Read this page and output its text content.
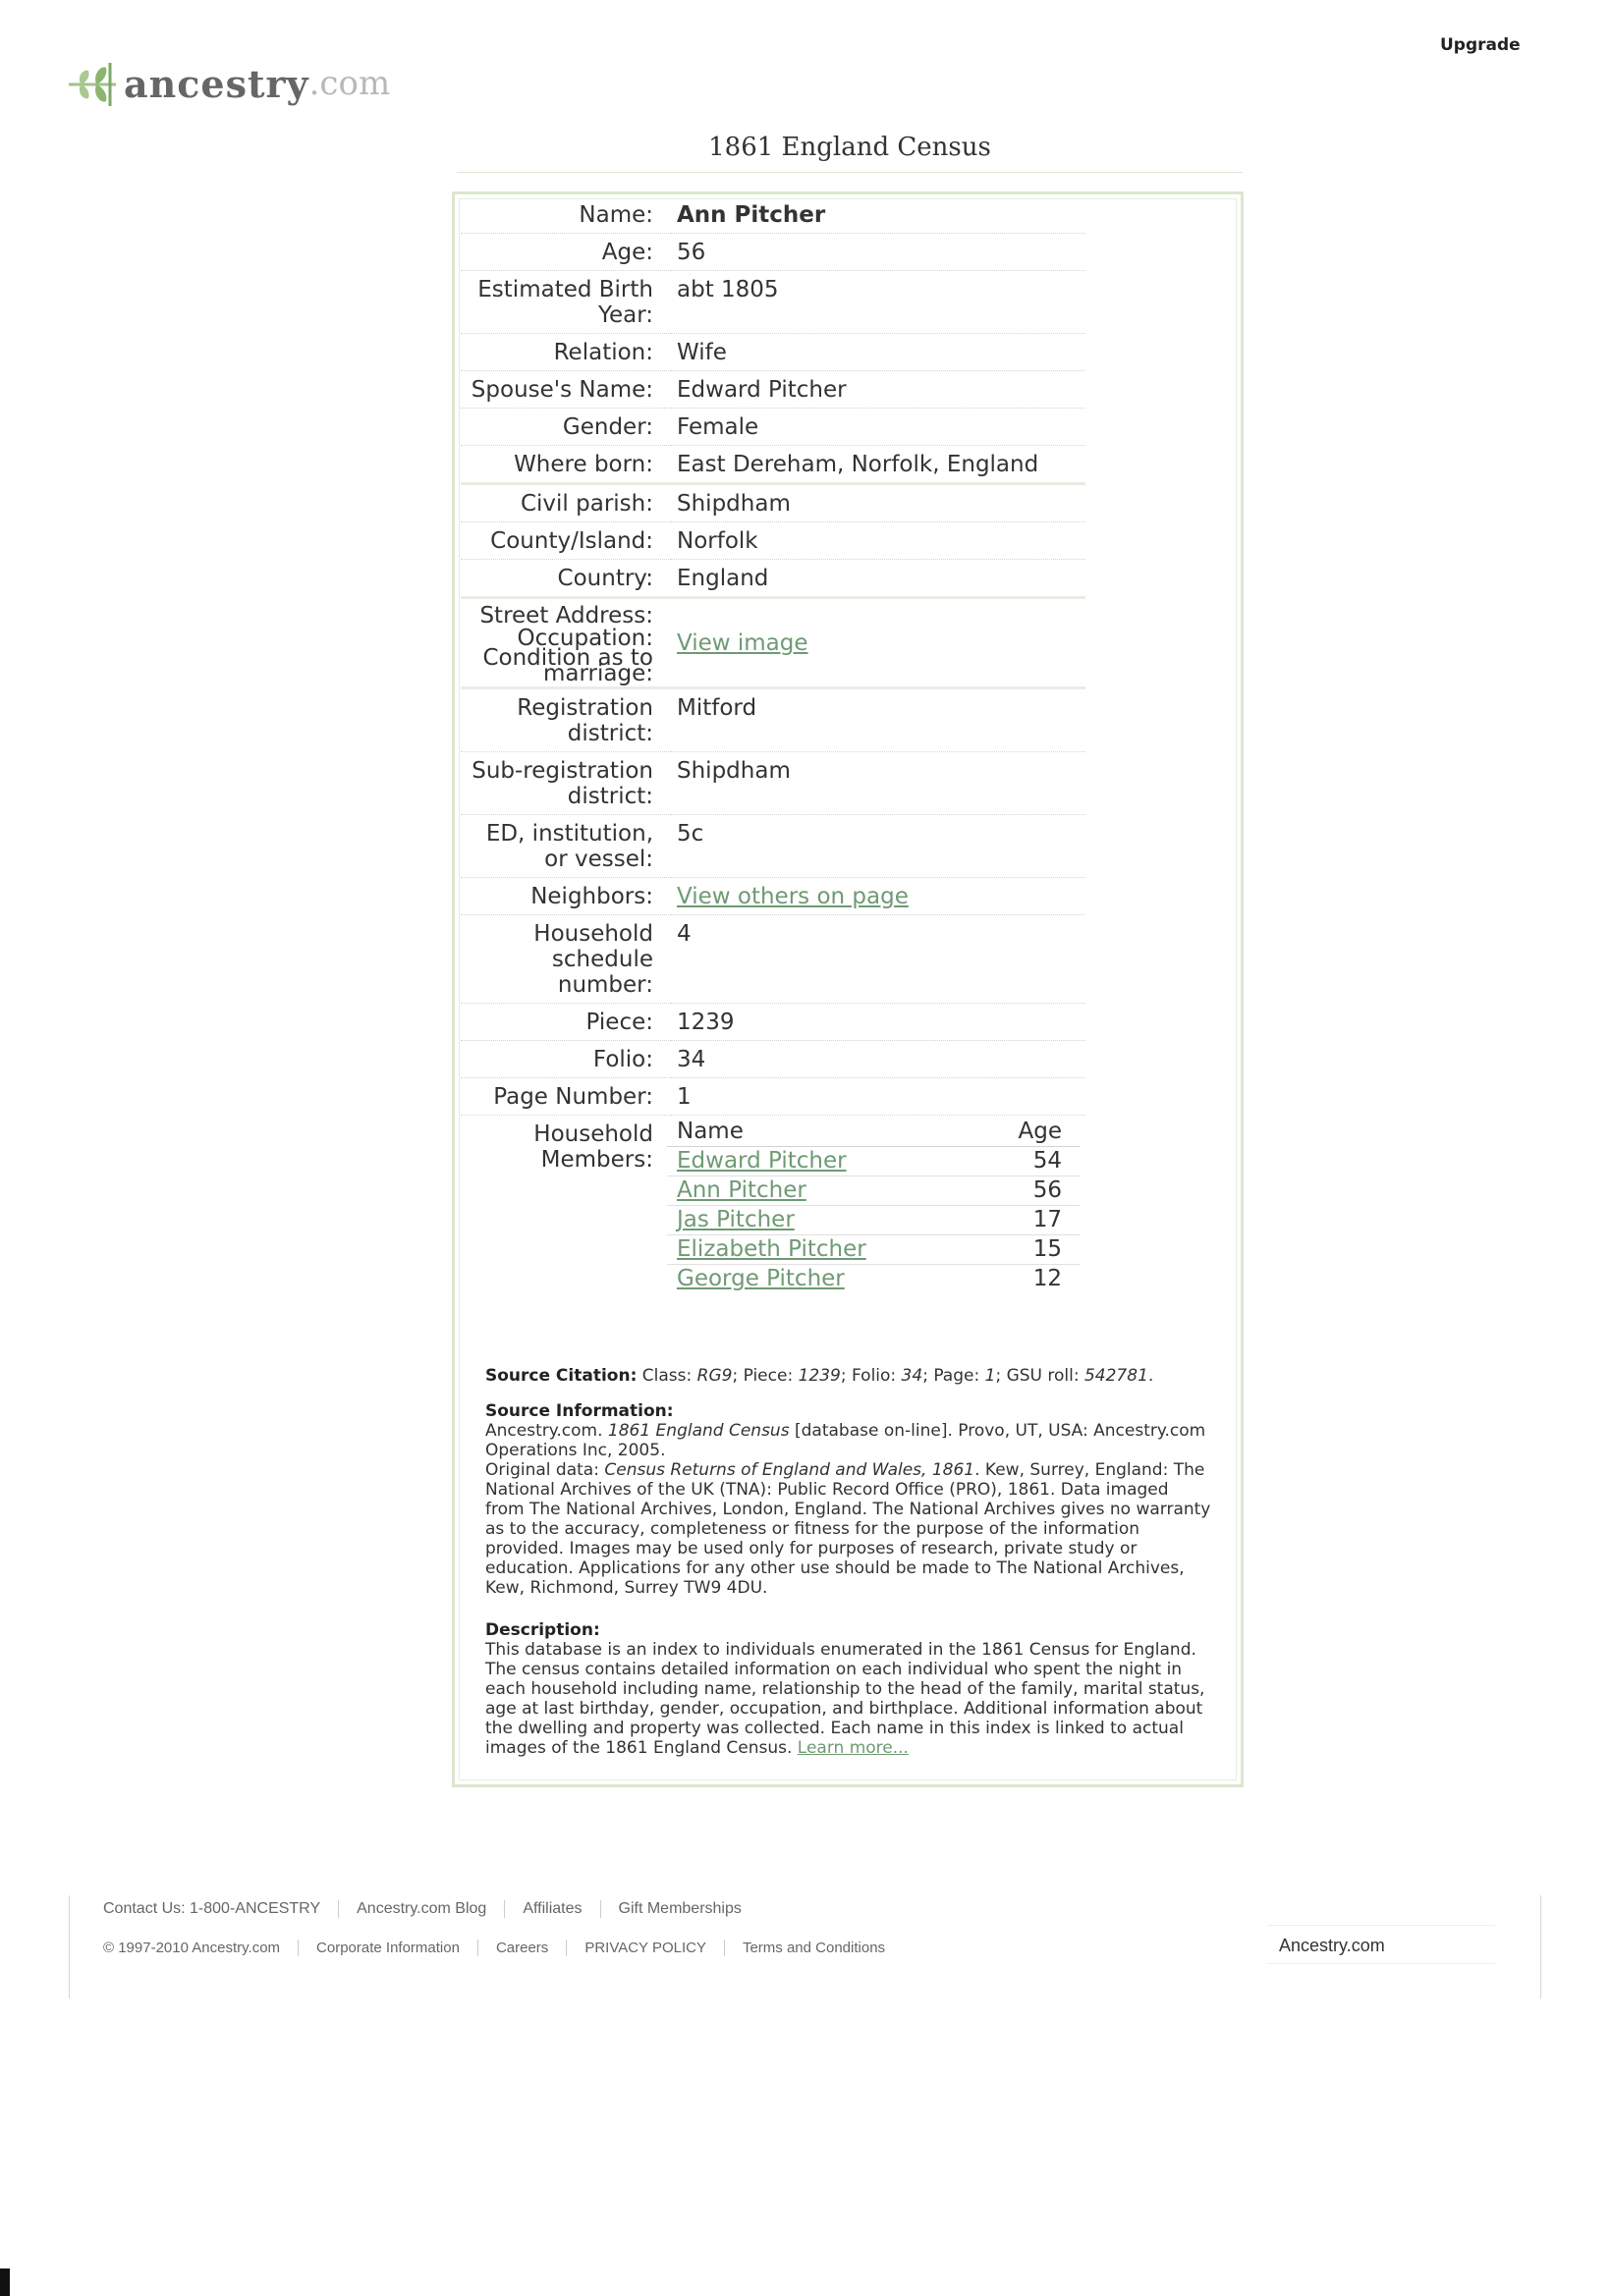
Upgrade
ancestry .com
1861 England Census
Name:	Ann Pitcher
Age:	56
Estimated Birth Year:	abt 1805
Relation:	Wife
Spouse's Name:	Edward Pitcher
Gender:	Female
Where born:	East Dereham, Norfolk, England
Civil parish:	Shipdham
County/Island:	Norfolk
Country:	England

Street Address:
Occupation:
Condition as to marriage:
	View image
Registration district:	Mitford
Sub-registration district:	Shipdham
ED, institution, or vessel:	5c
Neighbors:	View others on page
Household schedule number:	4
Piece:	1239
Folio:	34
Page Number:	1
Household Members:	
Name	Age
Edward Pitcher	54
Ann Pitcher	56
Jas Pitcher	17
Elizabeth Pitcher	15
George Pitcher	12
Source Citation: Class: RG9; Piece: 1239; Folio: 34; Page: 1; GSU roll: 542781.
Source Information:
Ancestry.com. 1861 England Census [database on-line]. Provo, UT, USA: Ancestry.com Operations Inc, 2005.
Original data: Census Returns of England and Wales, 1861. Kew, Surrey, England: The National Archives of the UK (TNA): Public Record Office (PRO), 1861. Data imaged from The National Archives, London, England. The National Archives gives no warranty as to the accuracy, completeness or fitness for the purpose of the information provided. Images may be used only for purposes of research, private study or education. Applications for any other use should be made to The National Archives, Kew, Richmond, Surrey TW9 4DU.
Description:
This database is an index to individuals enumerated in the 1861 Census for England. The census contains detailed information on each individual who spent the night in each household including name, relationship to the head of the family, marital status, age at last birthday, gender, occupation, and birthplace. Additional information about the dwelling and property was collected. Each name in this index is linked to actual images of the 1861 England Census. Learn more...
Contact Us: 1-800-ANCESTRY	Ancestry.com Blog	Affiliates	Gift Memberships
© 1997-2010 Ancestry.com	Corporate Information	Careers	PRIVACY POLICY	Terms and Conditions	Ancestry.com
